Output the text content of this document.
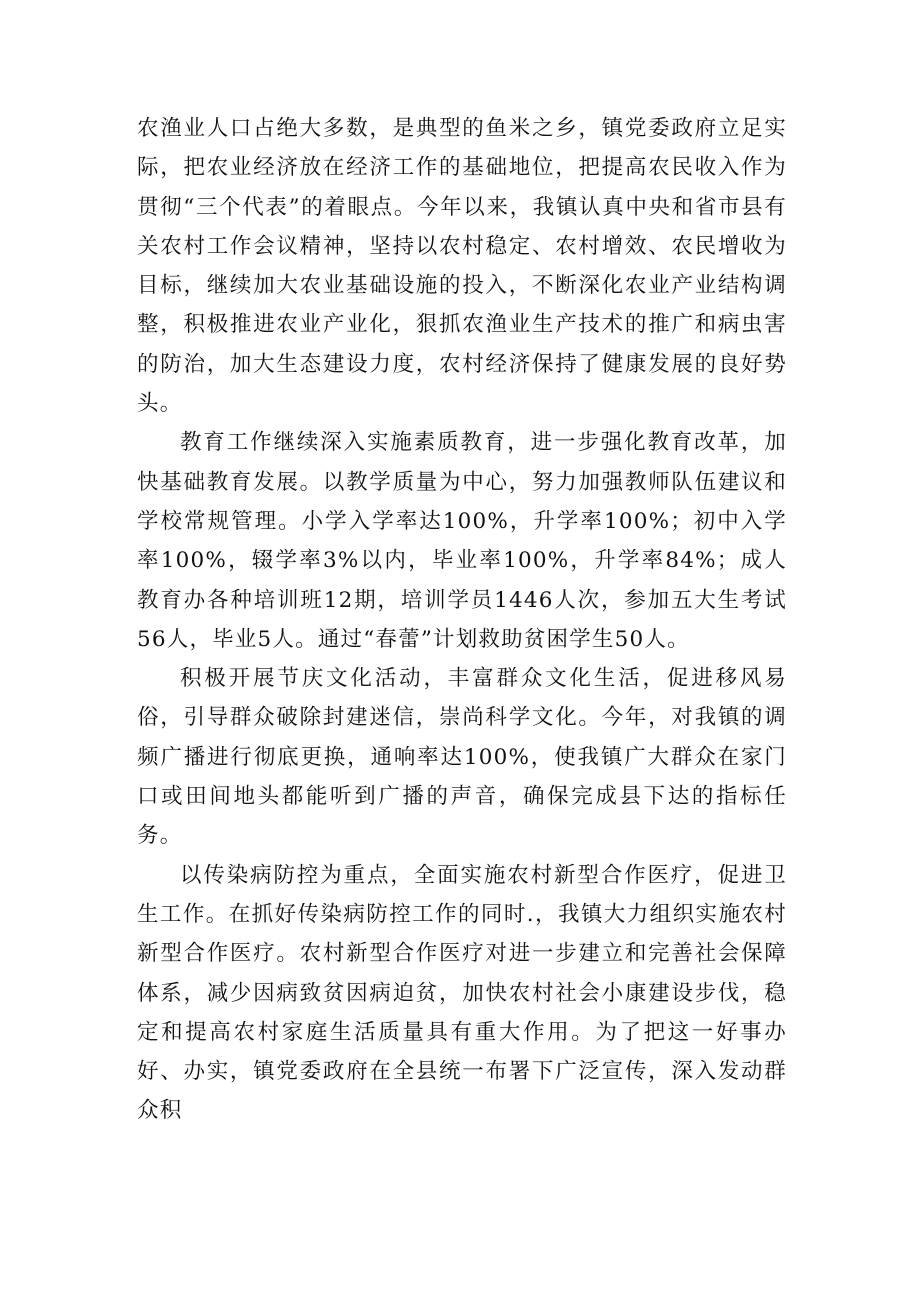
农渔业人口占绝大多数，是典型的鱼米之乡，镇党委政府立足实际，把农业经济放在经济工作的基础地位，把提高农民收入作为贯彻“三个代表”的着眼点。今年以来，我镇认真中央和省市县有关农村工作会议精神，坚持以农村稳定、农村增效、农民增收为目标，继续加大农业基础设施的投入，不断深化农业产业结构调整，积极推进农业产业化，狠抓农渔业生产技术的推广和病虫害的防治，加大生态建设力度，农村经济保持了健康发展的良好势头。

教育工作继续深入实施素质教育，进一步强化教育改革，加快基础教育发展。以教学质量为中心，努力加强教师队伍建议和学校常规管理。小学入学率达100%，升学率100%；初中入学率100%，辍学率3%以内，毕业率100%，升学率84%；成人教育办各种培训班12期，培训学员1446人次，参加五大生考试56人，毕业5人。通过“春蕾”计划救助贫困学生50人。

积极开展节庆文化活动，丰富群众文化生活，促进移风易俗，引导群众破除封建迷信，崇尚科学文化。今年，对我镇的调频广播进行彻底更换，通响率达100%，使我镇广大群众在家门口或田间地头都能听到广播的声音，确保完成县下达的指标任务。

以传染病防控为重点，全面实施农村新型合作医疗，促进卫生工作。在抓好传染病防控工作的同时.，我镇大力组织实施农村新型合作医疗。农村新型合作医疗对进一步建立和完善社会保障体系，减少因病致贫因病迫贫，加快农村社会小康建设步伐，稳定和提高农村家庭生活质量具有重大作用。为了把这一好事办好、办实，镇党委政府在全县统一布署下广泛宣传，深入发动群众积
